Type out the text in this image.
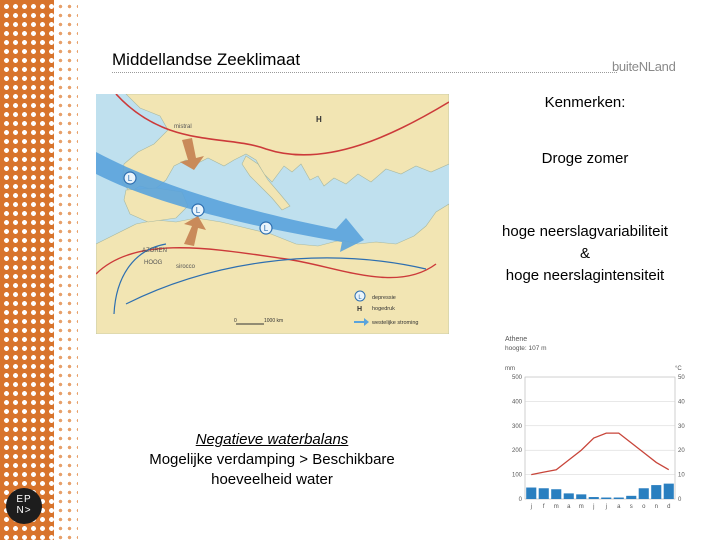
EP
N>
Middellandse Zeeklimaat	buiteNLand
L
L
L
H
mistral
sirocco
AZOREN
HOOG
0	1000 km
L depressie
H hogedruk
westelijke stroming
Kenmerken:
Droge zomer
hoge neerslagvariabiliteit
&
hoge neerslagintensiteit
Negatieve waterbalans
Mogelijke verdamping > Beschikbare
hoeveelheid water
Athene
hoogte: 107 m
mm	°C
500	50
400	40
300	30
200	20
100	10
0	0
j f m a m j j a s o n d
